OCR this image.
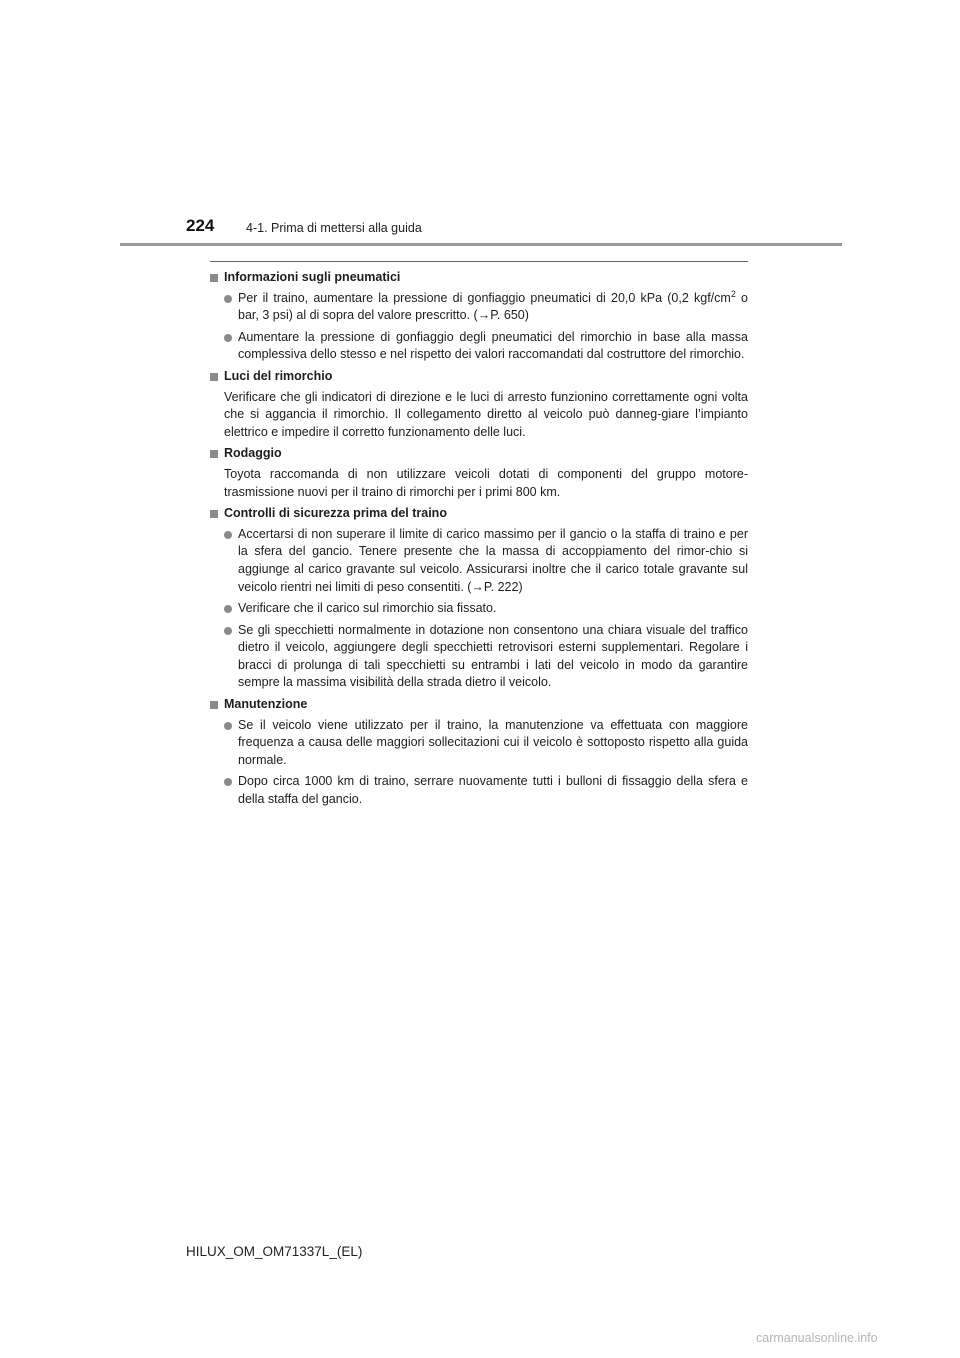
224	4-1. Prima di mettersi alla guida
Informazioni sugli pneumatici
Per il traino, aumentare la pressione di gonfiaggio pneumatici di 20,0 kPa (0,2 kgf/$cm^2$ o bar, 3 psi) al di sopra del valore prescritto. (→P. 650)
Aumentare la pressione di gonfiaggio degli pneumatici del rimorchio in base alla massa complessiva dello stesso e nel rispetto dei valori raccomandati dal costruttore del rimorchio.
Luci del rimorchio
Verificare che gli indicatori di direzione e le luci di arresto funzionino correttamente ogni volta che si aggancia il rimorchio. Il collegamento diretto al veicolo può danneg-giare l’impianto elettrico e impedire il corretto funzionamento delle luci.
Rodaggio
Toyota raccomanda di non utilizzare veicoli dotati di componenti del gruppo motore-trasmissione nuovi per il traino di rimorchi per i primi 800 km.
Controlli di sicurezza prima del traino
Accertarsi di non superare il limite di carico massimo per il gancio o la staffa di traino e per la sfera del gancio. Tenere presente che la massa di accoppiamento del rimor-chio si aggiunge al carico gravante sul veicolo. Assicurarsi inoltre che il carico totale gravante sul veicolo rientri nei limiti di peso consentiti. (→P. 222)
Verificare che il carico sul rimorchio sia fissato.
Se gli specchietti normalmente in dotazione non consentono una chiara visuale del traffico dietro il veicolo, aggiungere degli specchietti retrovisori esterni supplementari. Regolare i bracci di prolunga di tali specchietti su entrambi i lati del veicolo in modo da garantire sempre la massima visibilità della strada dietro il veicolo.
Manutenzione
Se il veicolo viene utilizzato per il traino, la manutenzione va effettuata con maggiore frequenza a causa delle maggiori sollecitazioni cui il veicolo è sottoposto rispetto alla guida normale.
Dopo circa 1000 km di traino, serrare nuovamente tutti i bulloni di fissaggio della sfera e della staffa del gancio.
HILUX_OM_OM71337L_(EL)
carmanualsonline.info
